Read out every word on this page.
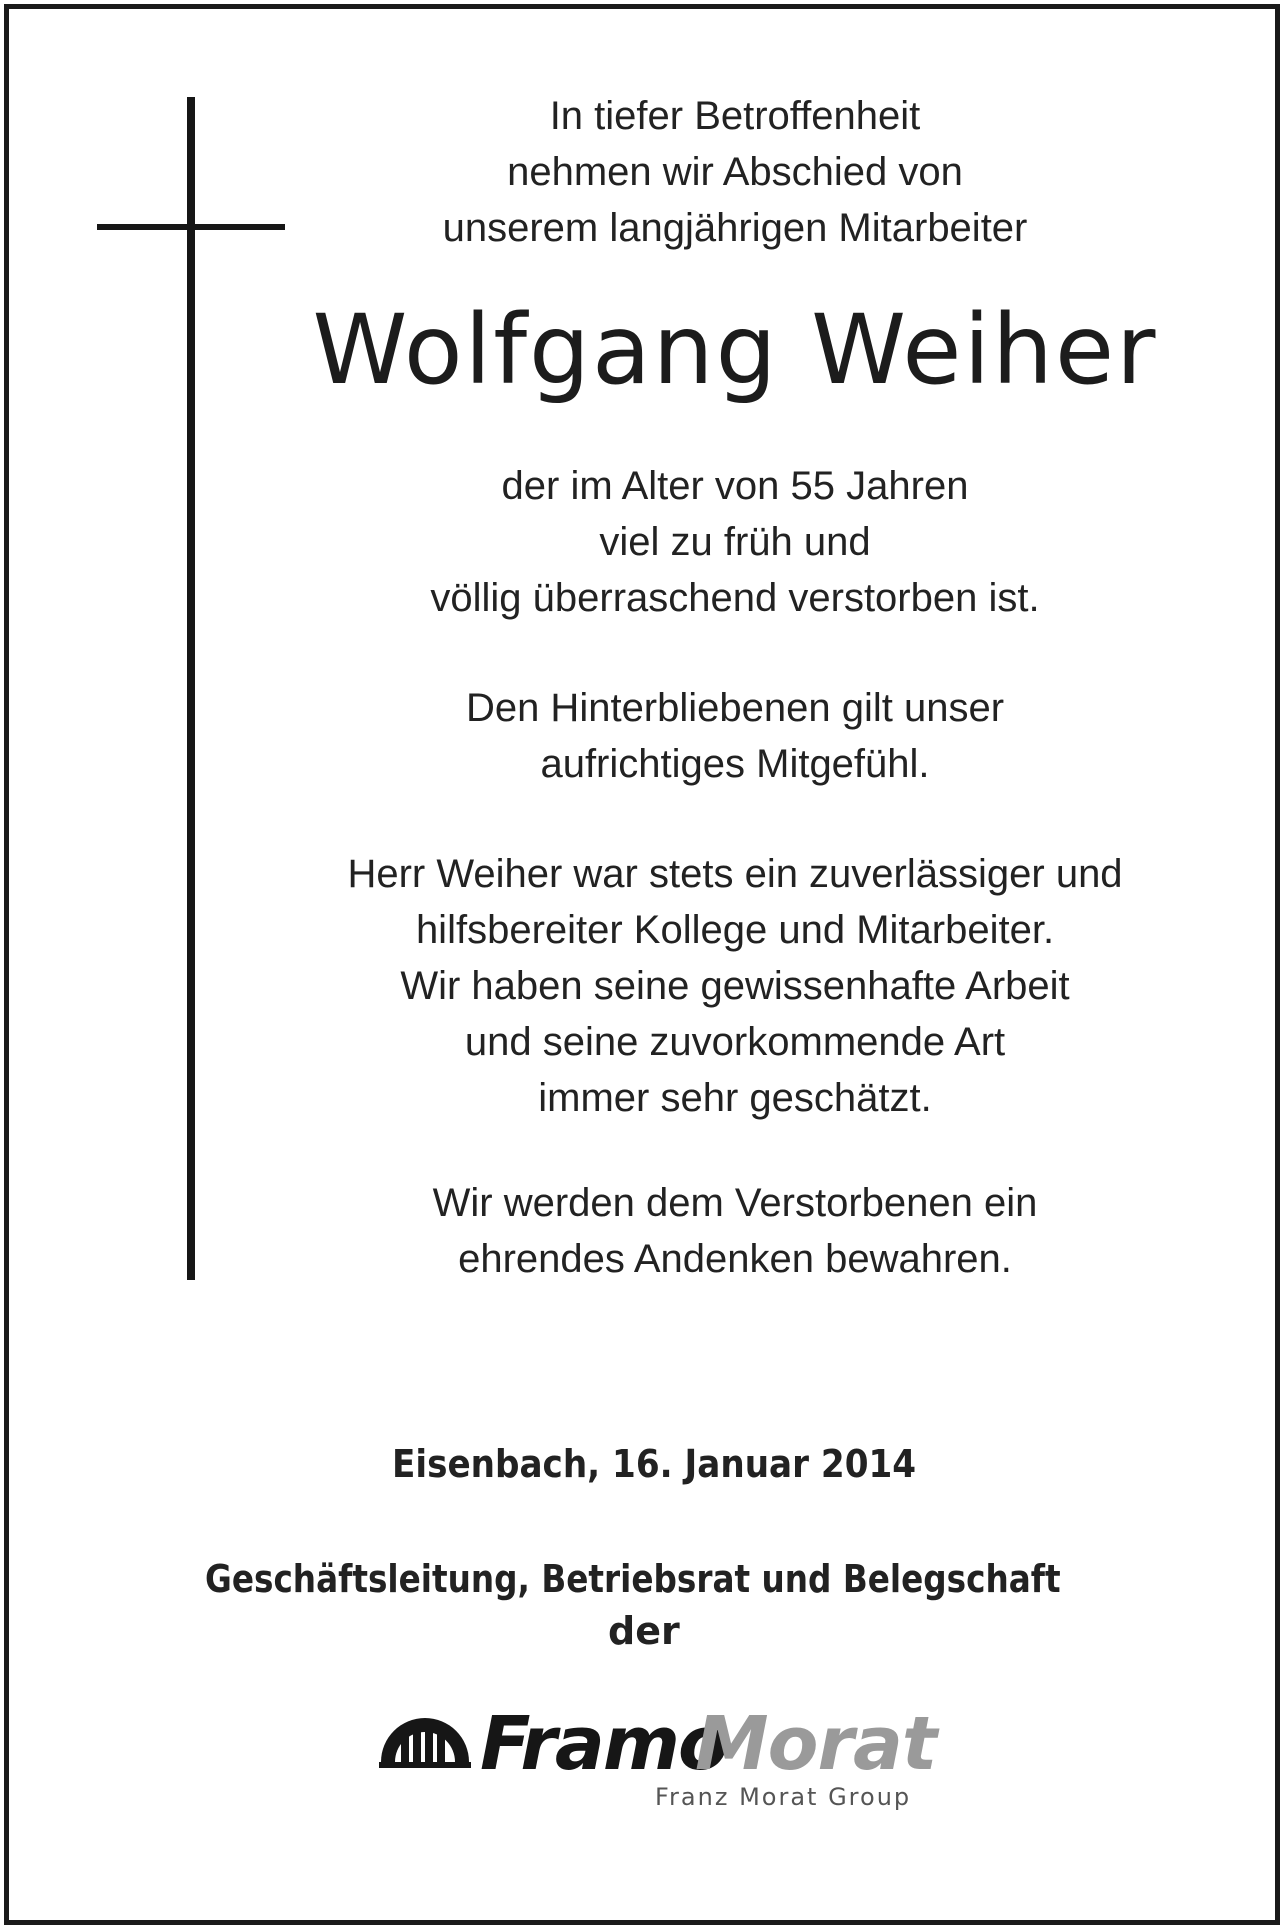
In tiefer Betroffenheit
nehmen wir Abschied von
unserem langjährigen Mitarbeiter
Wolfgang Weiher
der im Alter von 55 Jahren
viel zu früh und
völlig überraschend verstorben ist.
Den Hinterbliebenen gilt unser
aufrichtiges Mitgefühl.
Herr Weiher war stets ein zuverlässiger und
hilfsbereiter Kollege und Mitarbeiter.
Wir haben seine gewissenhafte Arbeit
und seine zuvorkommende Art
immer sehr geschätzt.
Wir werden dem Verstorbenen ein
ehrendes Andenken bewahren.
Eisenbach, 16. Januar 2014
Geschäftsleitung, Betriebsrat und Belegschaft
der
Framo
Morat
Franz Morat Group
